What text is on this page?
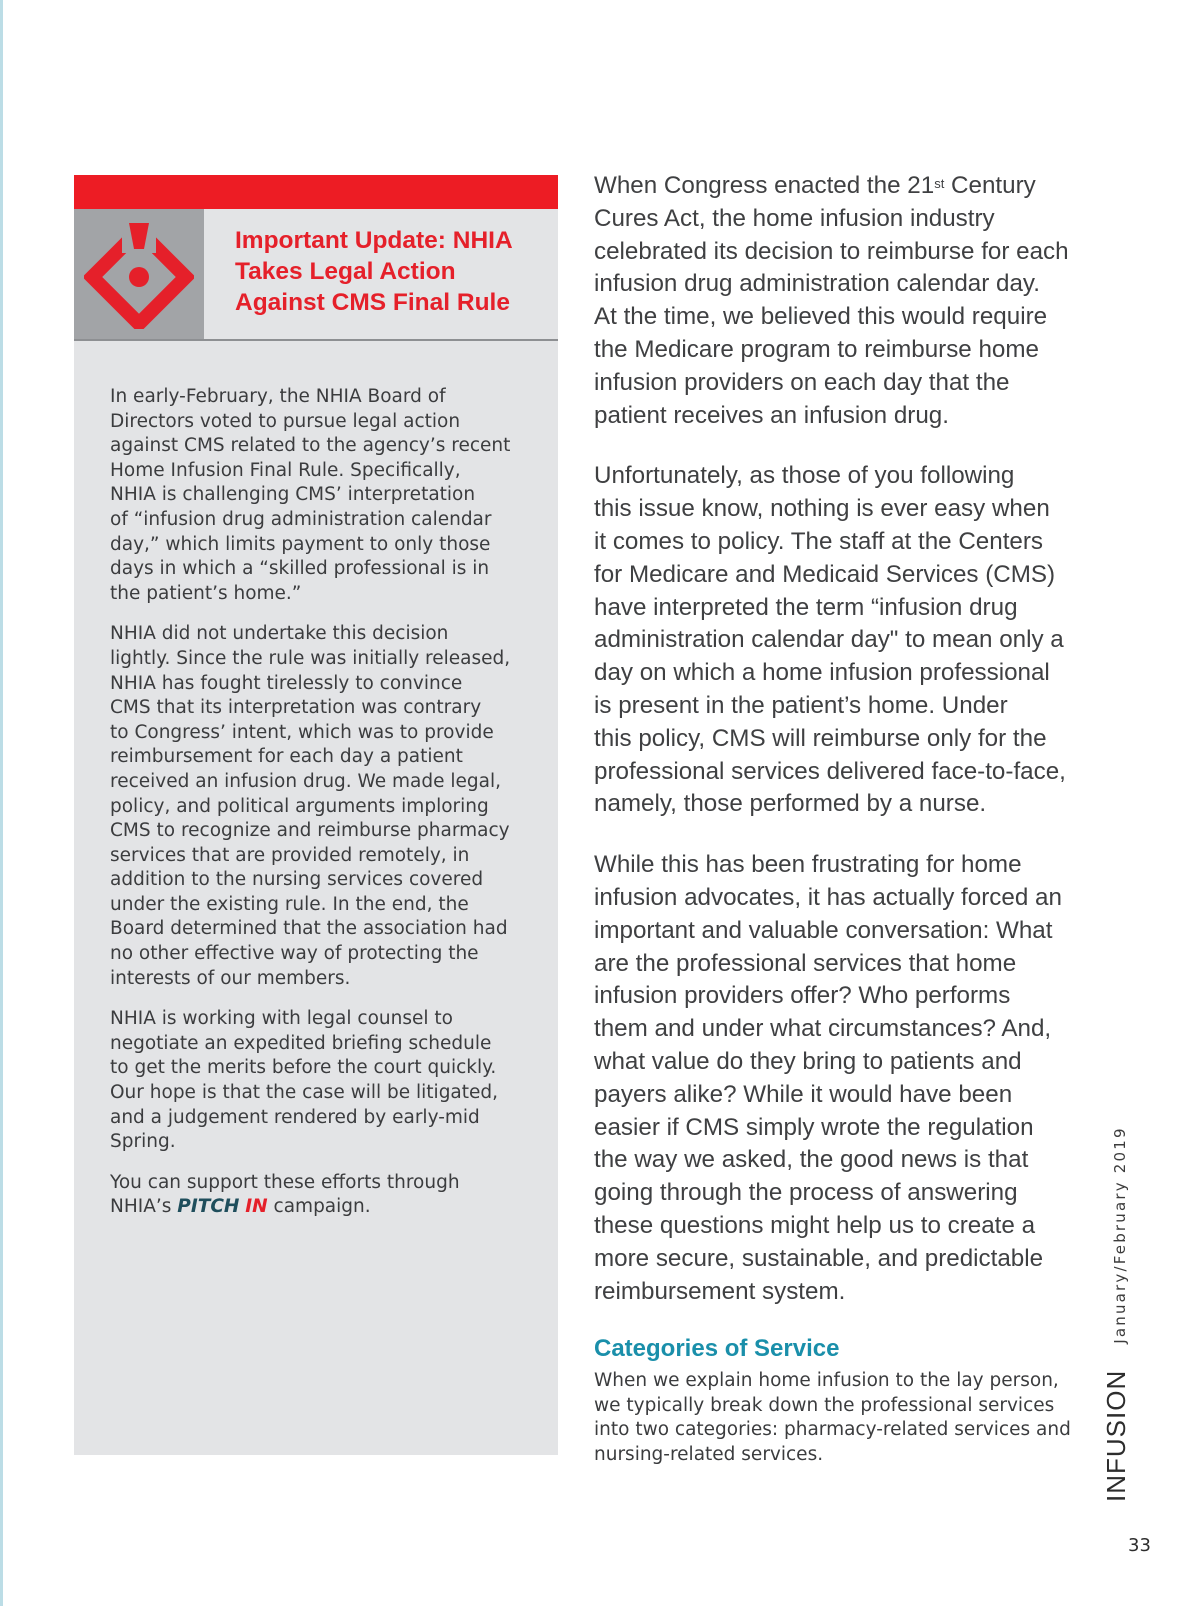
Important Update: NHIA
Takes Legal Action
Against CMS Final Rule

In early-February, the NHIA Board of
Directors voted to pursue legal action
against CMS related to the agency’s recent
Home Infusion Final Rule. Specifically,
NHIA is challenging CMS’ interpretation
of “infusion drug administration calendar
day,” which limits payment to only those
days in which a “skilled professional is in
the patient’s home.”

NHIA did not undertake this decision
lightly. Since the rule was initially released,
NHIA has fought tirelessly to convince
CMS that its interpretation was contrary
to Congress’ intent, which was to provide
reimbursement for each day a patient
received an infusion drug. We made legal,
policy, and political arguments imploring
CMS to recognize and reimburse pharmacy
services that are provided remotely, in
addition to the nursing services covered
under the existing rule. In the end, the
Board determined that the association had
no other effective way of protecting the
interests of our members.

NHIA is working with legal counsel to
negotiate an expedited briefing schedule
to get the merits before the court quickly.
Our hope is that the case will be litigated,
and a judgement rendered by early-mid
Spring.

You can support these efforts through
NHIA’s PITCH IN campaign.

When Congress enacted the 21st Century
Cures Act, the home infusion industry
celebrated its decision to reimburse for each
infusion drug administration calendar day.
At the time, we believed this would require
the Medicare program to reimburse home
infusion providers on each day that the
patient receives an infusion drug.

Unfortunately, as those of you following
this issue know, nothing is ever easy when
it comes to policy. The staff at the Centers
for Medicare and Medicaid Services (CMS)
have interpreted the term “infusion drug
administration calendar day" to mean only a
day on which a home infusion professional
is present in the patient’s home. Under
this policy, CMS will reimburse only for the
professional services delivered face-to-face,
namely, those performed by a nurse.

While this has been frustrating for home
infusion advocates, it has actually forced an
important and valuable conversation: What
are the professional services that home
infusion providers offer? Who performs
them and under what circumstances? And,
what value do they bring to patients and
payers alike? While it would have been
easier if CMS simply wrote the regulation
the way we asked, the good news is that
going through the process of answering
these questions might help us to create a
more secure, sustainable, and predictable
reimbursement system.

Categories of Service

When we explain home infusion to the lay person,
we typically break down the professional services
into two categories: pharmacy-related services and
nursing-related services.	INFUSION
January/February 2019
33
